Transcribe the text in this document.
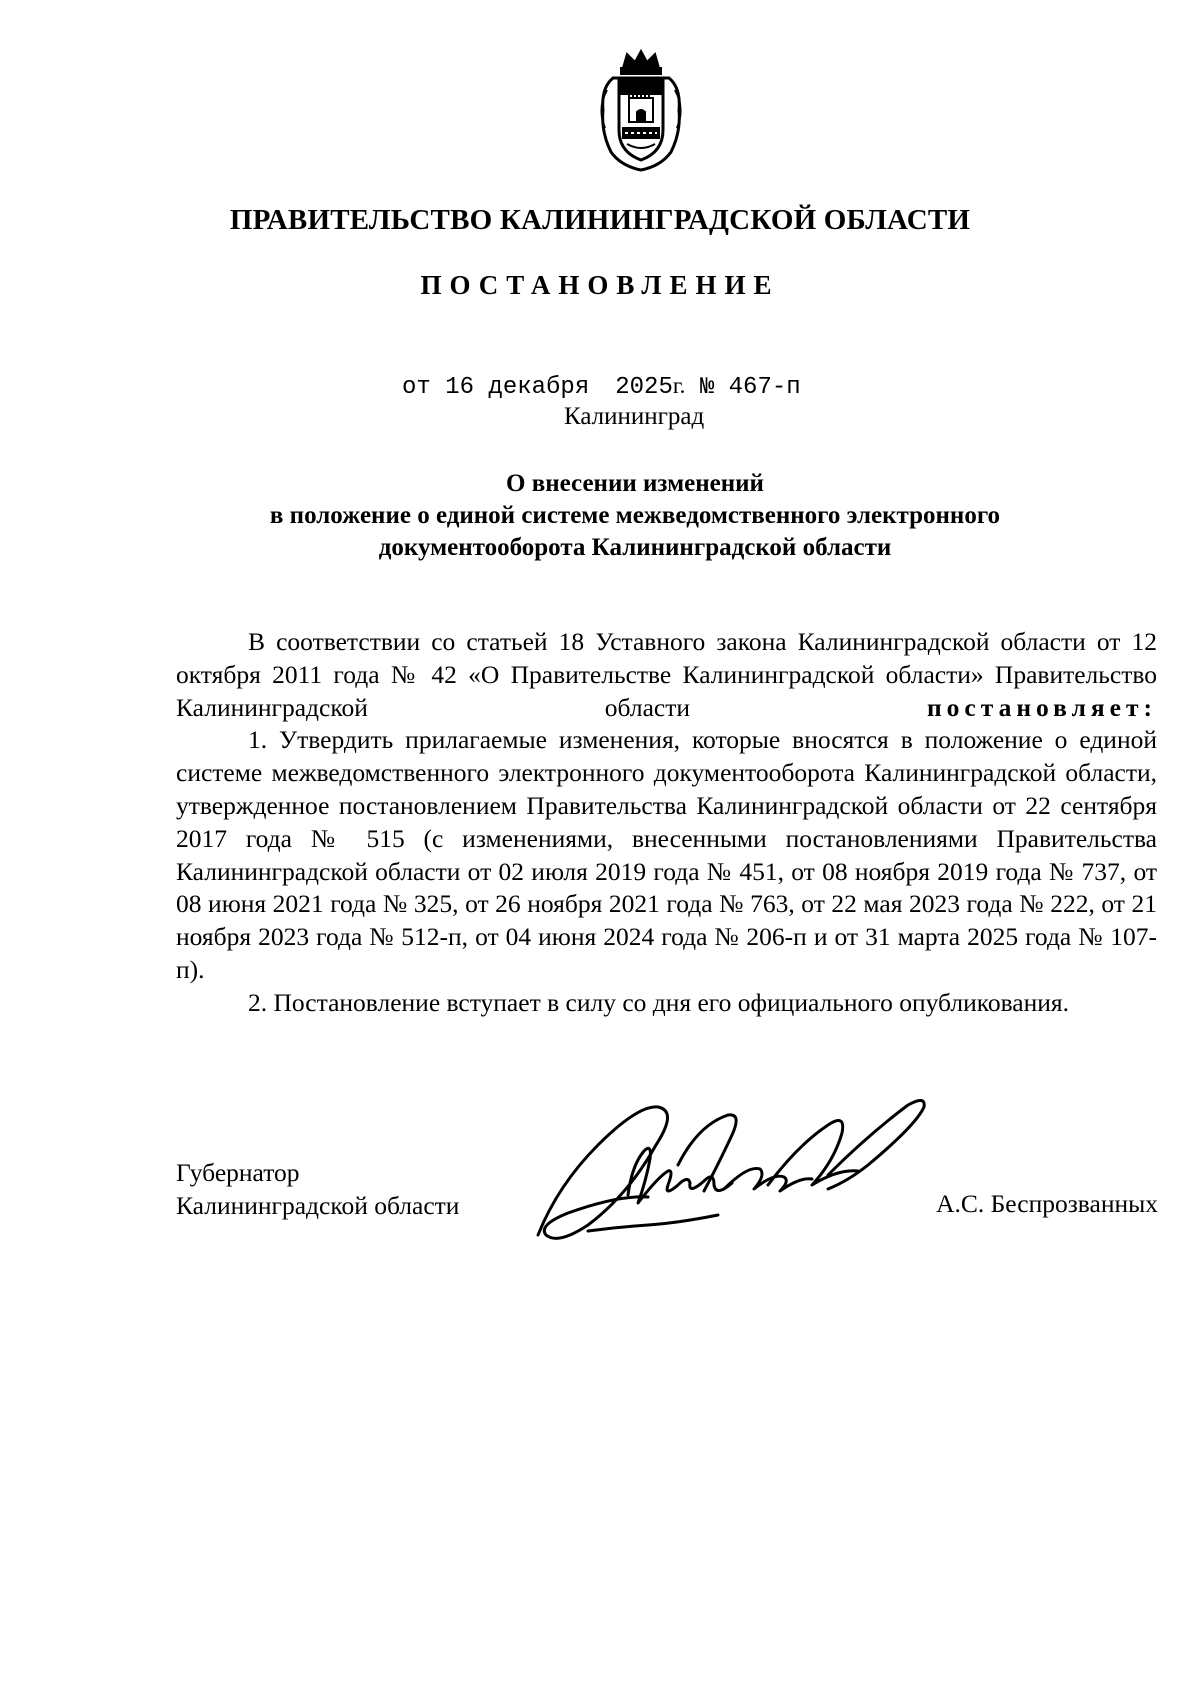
ПРАВИТЕЛЬСТВО КАЛИНИНГРАДСКОЙ ОБЛАСТИ
ПОСТАНОВЛЕНИЕ
от 16 декабря 2025г. № 467-п
Калининград
О внесении изменений
в положение о единой системе межведомственного электронного
документооборота Калининградской области

В соответствии со статьей 18 Уставного закона Калининградской области от 12 октября 2011 года № 42 «О Правительстве Калининградской области» Правительство Калининградской области	постановляет:

1. Утвердить прилагаемые изменения, которые вносятся в положение о единой системе межведомственного электронного документооборота Калининградской области, утвержденное постановлением Правительства Калининградской области от 22 сентября 2017 года № 515 (с изменениями, внесенными постановлениями Правительства Калининградской области от 02 июля 2019 года № 451, от 08 ноября 2019 года № 737, от 08 июня 2021 года № 325, от 26 ноября 2021 года № 763, от 22 мая 2023 года № 222, от 21 ноября 2023 года № 512-п, от 04 июня 2024 года № 206-п и от 31 марта 2025 года № 107-п).

2. Постановление вступает в силу со дня его официального опубликования.

Губернатор
Калининградской области	А.С. Беспрозванных
